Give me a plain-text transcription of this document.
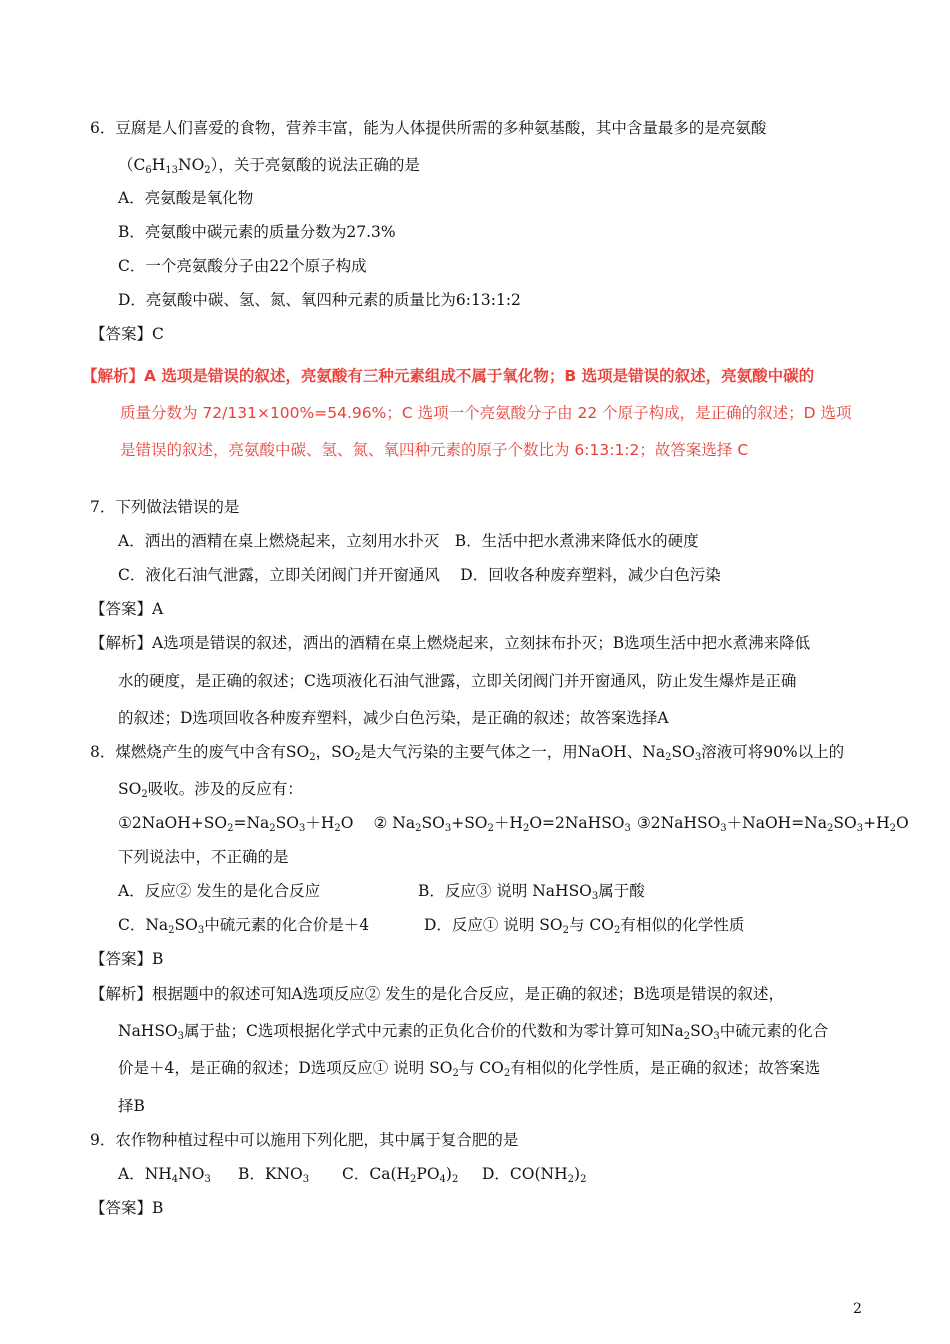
6．豆腐是人们喜爱的食物，营养丰富，能为人体提供所需的多种氨基酸，其中含量最多的是亮氨酸
$(C_6H_{13}NO_2)$，关于亮氨酸的说法正确的是
A．亮氨酸是氧化物
B．亮氨酸中碳元素的质量分数为27.3%
C．一个亮氨酸分子由22个原子构成
D．亮氨酸中碳、氢、氮、氧四种元素的质量比为6:13:1:2
【答案】C
【解析】A 选项是错误的叙述，亮氨酸有三种元素组成不属于氧化物；B 选项是错误的叙述，亮氨酸中碳的
质量分数为 72/131×100%=54.96%；C 选项一个亮氨酸分子由 22 个原子构成，是正确的叙述；D 选项
是错误的叙述，亮氨酸中碳、氢、氮、氧四种元素的原子个数比为 6:13:1:2；故答案选择 C
7．下列做法错误的是
A．洒出的酒精在桌上燃烧起来，立刻用水扑灭　B．生活中把水煮沸来降低水的硬度
C．液化石油气泄露，立即关闭阀门并开窗通风　 D．回收各种废弃塑料，减少白色污染
【答案】A
【解析】A选项是错误的叙述，洒出的酒精在桌上燃烧起来，立刻抹布扑灭；B选项生活中把水煮沸来降低
水的硬度，是正确的叙述；C选项液化石油气泄露，立即关闭阀门并开窗通风，防止发生爆炸是正确
的叙述；D选项回收各种废弃塑料，减少白色污染，是正确的叙述；故答案选择A
8．煤燃烧产生的废气中含有$SO_2$，$SO_2$是大气污染的主要气体之一，用NaOH、$Na_2SO_3$溶液可将90%以上的
$SO_2$吸收。涉及的反应有：
$①2NaOH+SO_2=Na_2SO_3+H_2O$ ② $Na_2SO_3+SO_2+H_2O=2NaHSO_3$ $③2NaHSO_3+NaOH=Na_2SO_3+H_2O$
下列说法中，不正确的是
A．反应② 发生的是化合反应	B．反应③ 说明 NaHSO$_3$属于酸
C．$Na_2SO_3$中硫元素的化合价是＋4	D．反应① 说明 $SO_2$与 $CO_2$有相似的化学性质
【答案】B
【解析】根据题中的叙述可知A选项反应② 发生的是化合反应，是正确的叙述；B选项是错误的叙述，
NaHSO$_3$属于盐；C选项根据化学式中元素的正负化合价的代数和为零计算可知$Na_2SO_3$中硫元素的化合
价是＋4，是正确的叙述；D选项反应① 说明 $SO_2$与 $CO_2$有相似的化学性质，是正确的叙述；故答案选
择B
9．农作物种植过程中可以施用下列化肥，其中属于复合肥的是
A．$NH_4NO_3$ B．$KNO_3$ C．$Ca(H_2PO_4)_2$ D．$CO(NH_2)_2$
【答案】B
2
